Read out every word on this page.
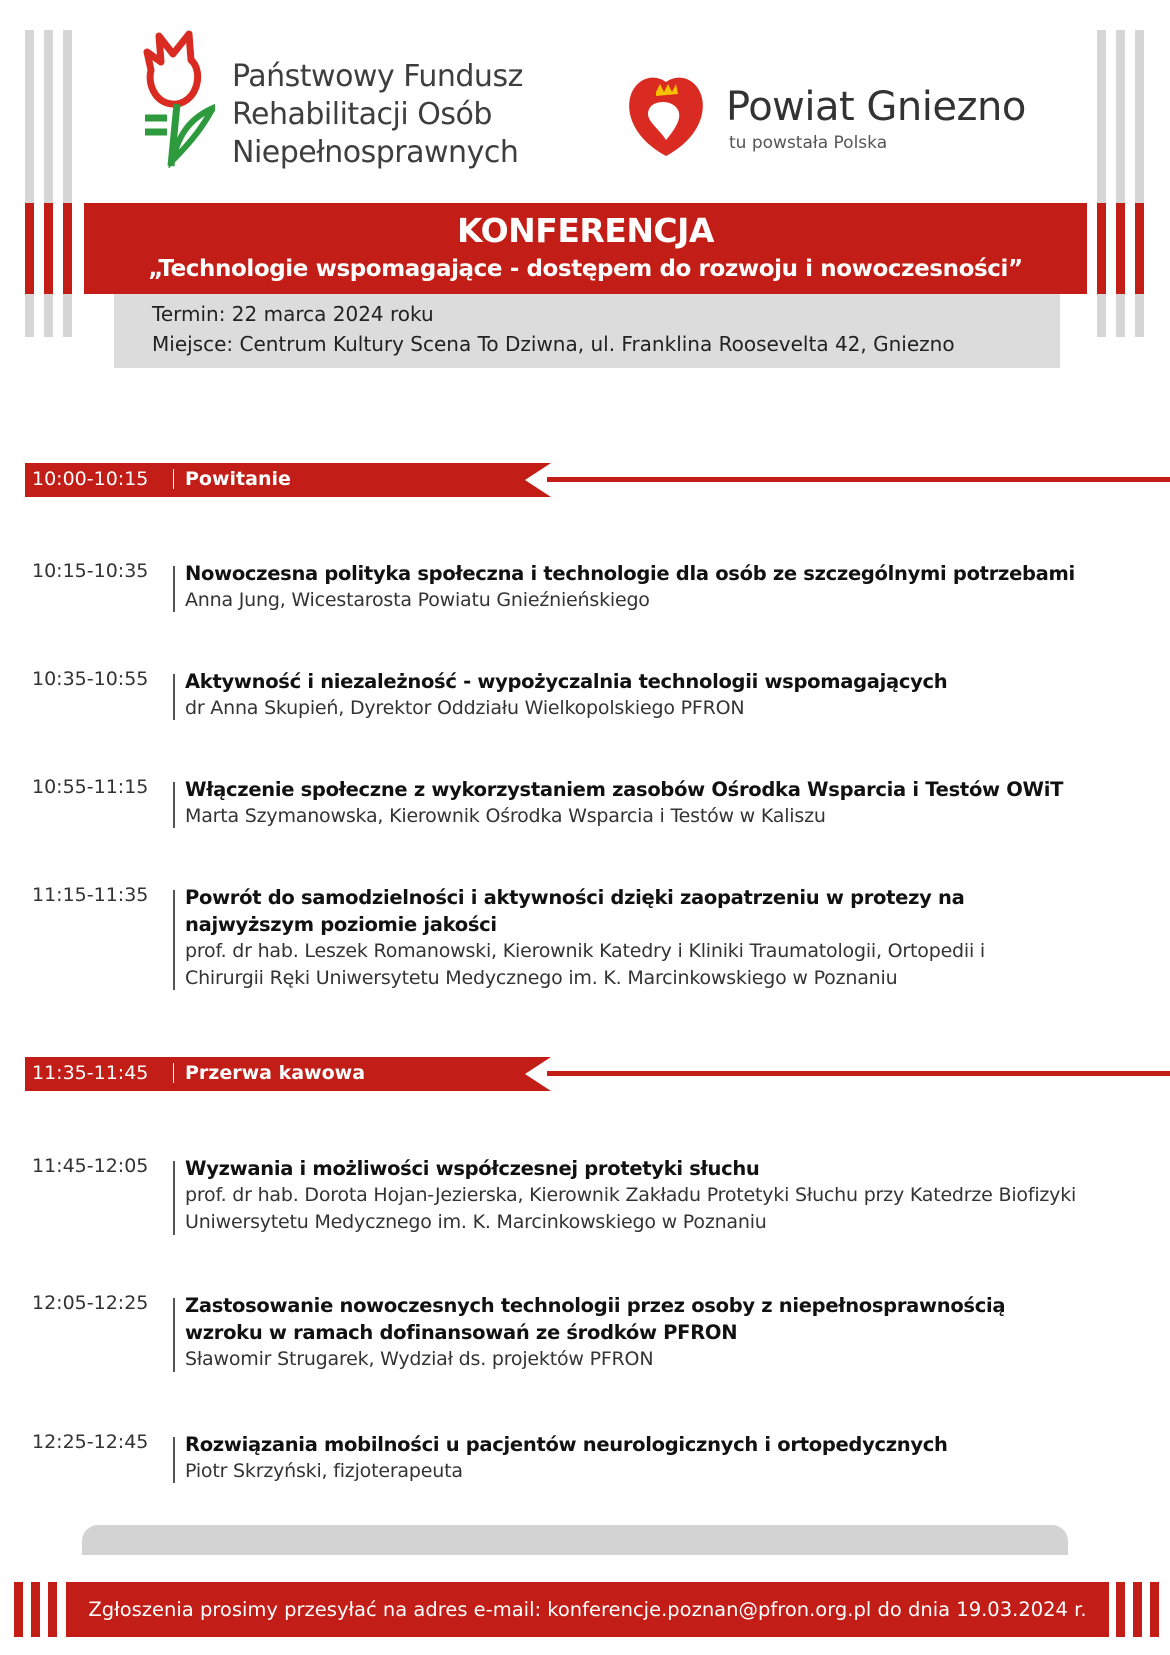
Państwowy Fundusz
Rehabilitacji Osób
Niepełnosprawnych
Powiat Gniezno
tu powstała Polska
KONFERENCJA
„Technologie wspomagające - dostępem do rozwoju i nowoczesności”
Termin: 22 marca 2024 roku
Miejsce: Centrum Kultury Scena To Dziwna, ul. Franklina Roosevelta 42, Gniezno
10:00-10:15 Powitanie
10:15-10:35 Nowoczesna polityka społeczna i technologie dla osób ze szczególnymi potrzebami
Anna Jung, Wicestarosta Powiatu Gnieźnieńskiego
10:35-10:55 Aktywność i niezależność - wypożyczalnia technologii wspomagających
dr Anna Skupień, Dyrektor Oddziału Wielkopolskiego PFRON
10:55-11:15 Włączenie społeczne z wykorzystaniem zasobów Ośrodka Wsparcia i Testów OWiT
Marta Szymanowska, Kierownik Ośrodka Wsparcia i Testów w Kaliszu
11:15-11:35 Powrót do samodzielności i aktywności dzięki zaopatrzeniu w protezy na najwyższym poziomie jakości
prof. dr hab. Leszek Romanowski, Kierownik Katedry i Kliniki Traumatologii, Ortopedii i Chirurgii Ręki Uniwersytetu Medycznego im. K. Marcinkowskiego w Poznaniu
11:35-11:45 Przerwa kawowa
11:45-12:05 Wyzwania i możliwości współczesnej protetyki słuchu
prof. dr hab. Dorota Hojan-Jezierska, Kierownik Zakładu Protetyki Słuchu przy Katedrze Biofizyki Uniwersytetu Medycznego im. K. Marcinkowskiego w Poznaniu
12:05-12:25 Zastosowanie nowoczesnych technologii przez osoby z niepełnosprawnością wzroku w ramach dofinansowań ze środków PFRON
Sławomir Strugarek, Wydział ds. projektów PFRON
12:25-12:45 Rozwiązania mobilności u pacjentów neurologicznych i ortopedycznych
Piotr Skrzyński, fizjoterapeuta
Zgłoszenia prosimy przesyłać na adres e-mail: konferencje.poznan@pfron.org.pl do dnia 19.03.2024 r.
